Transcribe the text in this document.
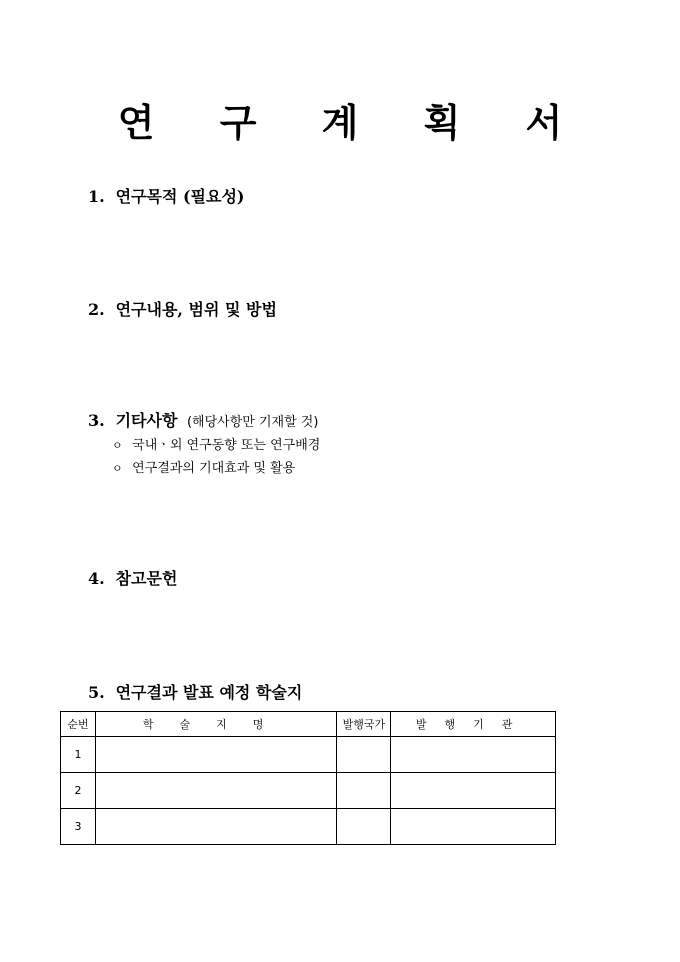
연 구 계 획 서
1. 연구목적 (필요성)
2. 연구내용, 범위 및 방법
3. 기타사항 (해당사항만 기재할 것)
ㅇ 국내ㆍ외 연구동향 또는 연구배경
ㅇ 연구결과의 기대효과 및 활용
4. 참고문헌
5. 연구결과 발표 예정 학술지
순번	학술지명	발행국가	발행기관
1			
2			
3			
